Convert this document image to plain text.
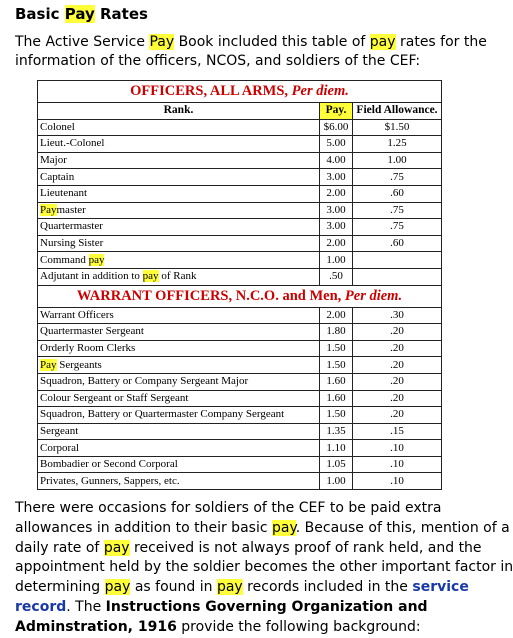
Basic Pay Rates
The Active Service Pay Book included this table of pay rates for the
information of the officers, NCOS, and soldiers of the CEF:
OFFICERS, ALL ARMS, Per diem.		
Rank.	Pay.	Field Allowance.
Colonel	$6.00	$1.50
Lieut.-Colonel	5.00	1.25
Major	4.00	1.00
Captain	3.00	.75
Lieutenant	2.00	.60
Paymaster	3.00	.75
Quartermaster	3.00	.75
Nursing Sister	2.00	.60
Command pay	1.00	
Adjutant in addition to pay of Rank	.50	
WARRANT OFFICERS, N.C.O. and Men, Per diem.		
Warrant Officers	2.00	.30
Quartermaster Sergeant	1.80	.20
Orderly Room Clerks	1.50	.20
Pay Sergeants	1.50	.20
Squadron, Battery or Company Sergeant Major	1.60	.20
Colour Sergeant or Staff Sergeant	1.60	.20
Squadron, Battery or Quartermaster Company Sergeant	1.50	.20
Sergeant	1.35	.15
Corporal	1.10	.10
Bombadier or Second Corporal	1.05	.10
Privates, Gunners, Sappers, etc.	1.00	.10
There were occasions for soldiers of the CEF to be paid extra
allowances in addition to their basic pay. Because of this, mention of a
daily rate of pay received is not always proof of rank held, and the
appointment held by the soldier becomes the other important factor in
determining pay as found in pay records included in the service
record. The Instructions Governing Organization and
Adminstration, 1916 provide the following background:
